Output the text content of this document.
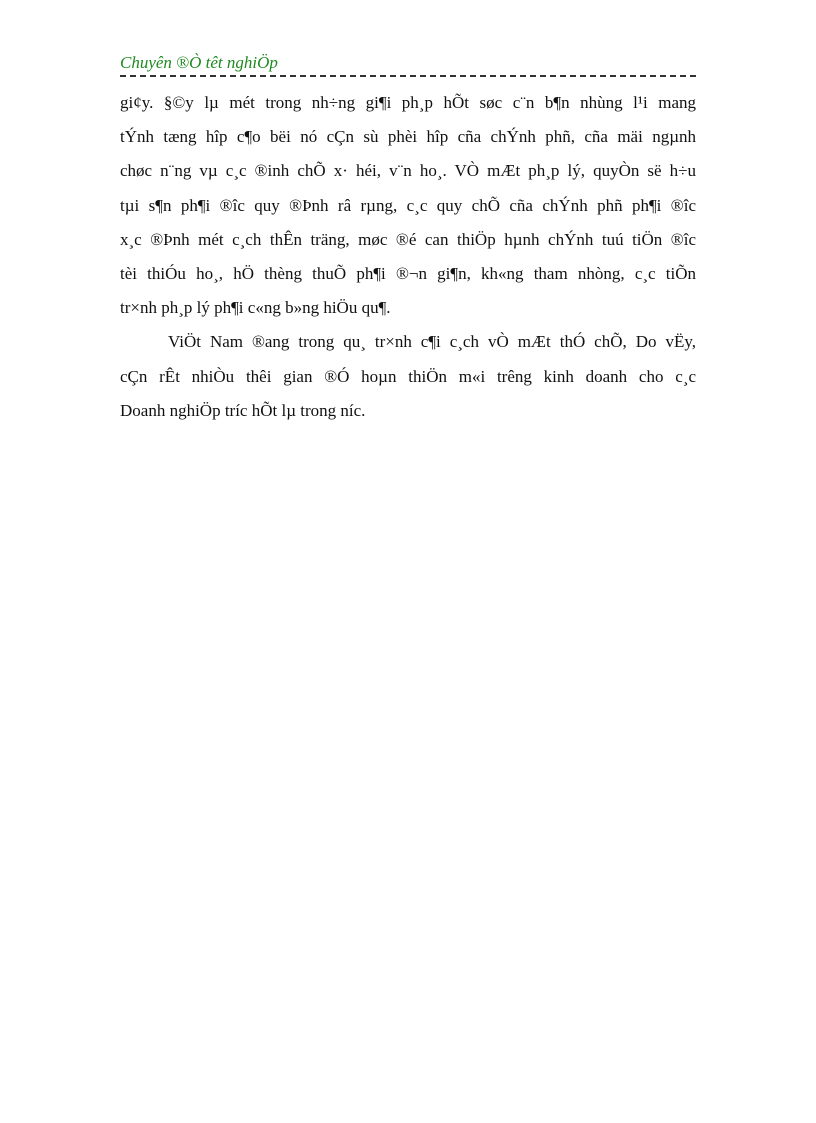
Chuyên ®Ò têt nghiÖp

gi¢y. §©y lµ mét trong nh÷ng gi¶i ph¸p hÕt søc c¨n b¶n nhùng l¹i mang
tÝnh tæng hîp c¶o bëi nó cÇn sù phèi hîp cña chÝnh phñ, cña mäi ngµnh
chøc n¨ng vµ c¸c ®inh chÕ x· héi, v¨n ho¸. VÒ mÆt ph¸p lý, quyÒn së h÷u
tµi s¶n ph¶i ®îc quy ®Þnh râ rµng, c¸c quy chÕ cña chÝnh phñ ph¶i ®îc
x¸c ®Þnh mét c¸ch thÊn träng, møc ®é can thiÖp hµnh chÝnh tuú tiÖn ®îc
tèi thiÓu ho¸, hÖ thèng thuÕ ph¶i ®¬n gi¶n, kh«ng tham nhòng, c¸c tiÕn
tr×nh ph¸p lý ph¶i c«ng b»ng hiÖu qu¶.

ViÖt Nam ®ang trong qu¸ tr×nh c¶i c¸ch vÒ mÆt thÓ chÕ, Do vËy,
cÇn rÊt nhiÒu thêi gian ®Ó hoµn thiÖn m«i trêng kinh doanh cho c¸c
Doanh nghiÖp tríc hÕt lµ trong níc.
